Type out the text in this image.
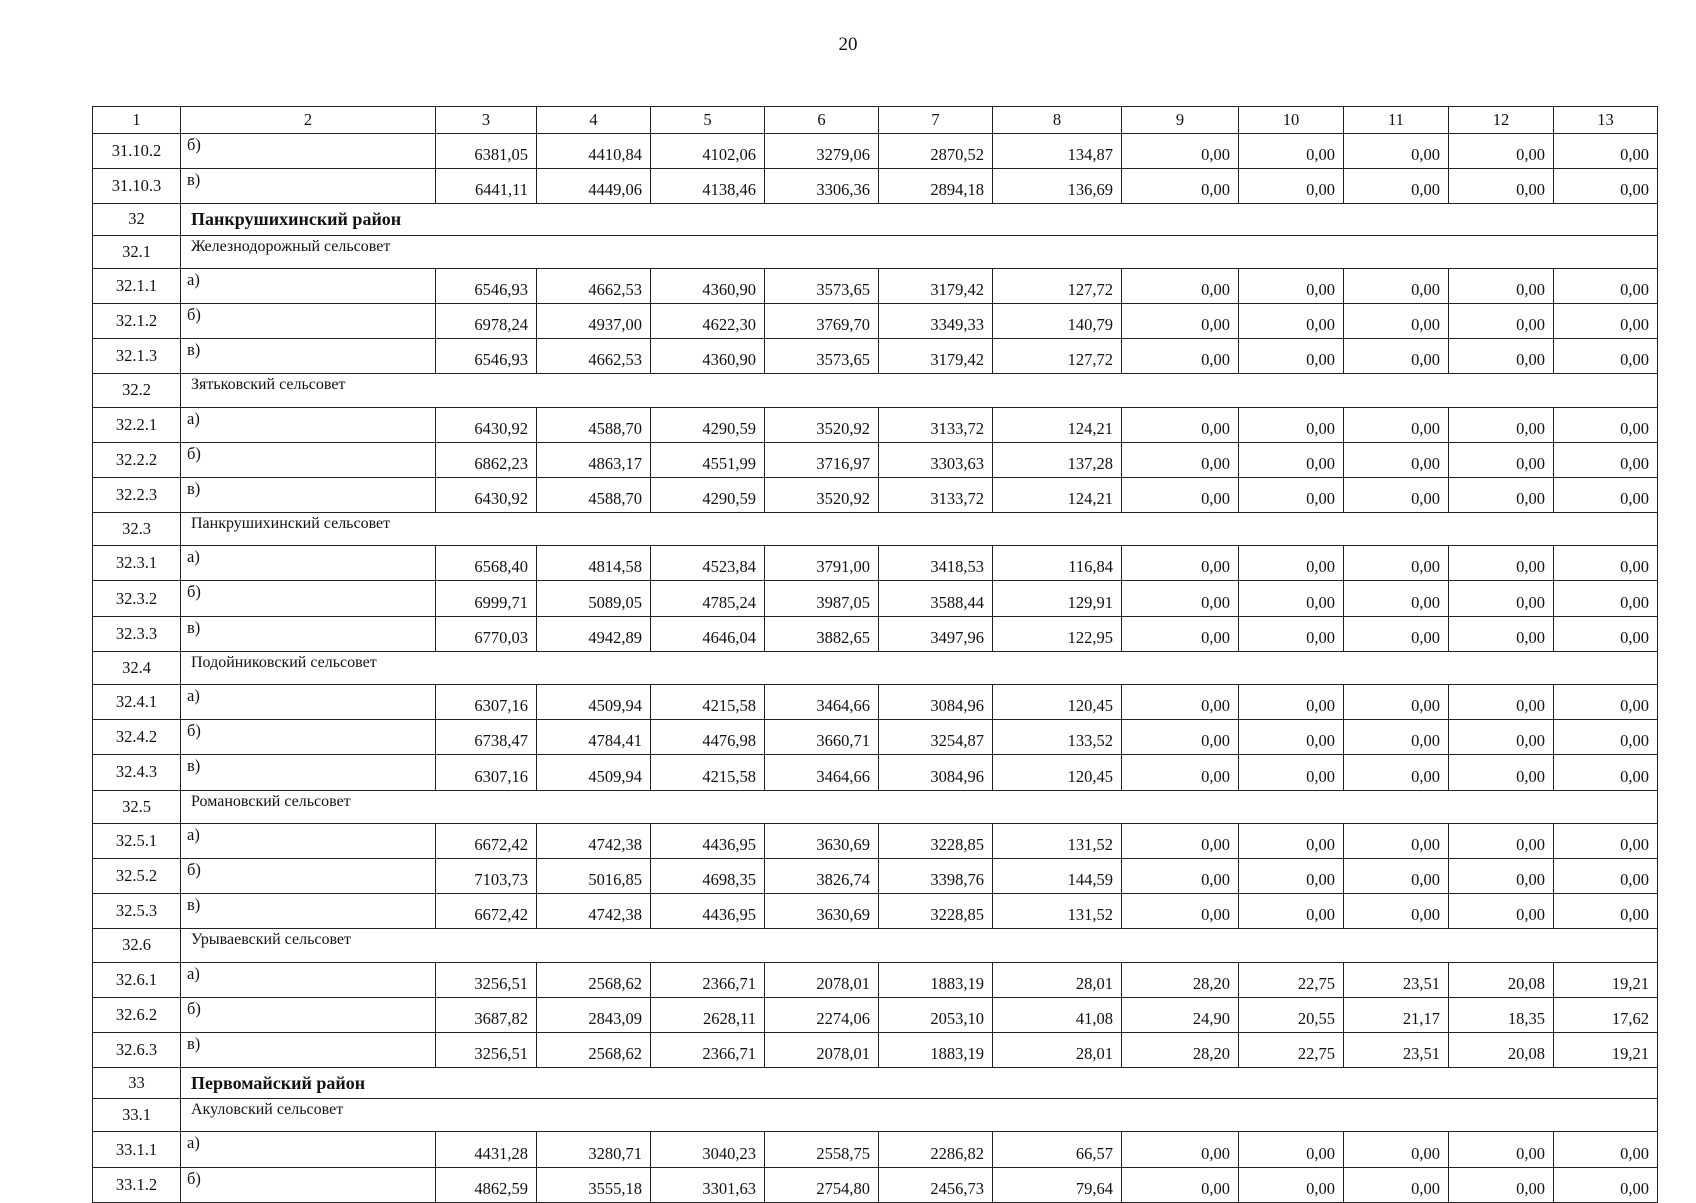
20
1	2	3	4	5	6	7	8	9	10	11	12	13
31.10.2	б)	6381,05	4410,84	4102,06	3279,06	2870,52	134,87	0,00	0,00	0,00	0,00	0,00
31.10.3	в)	6441,11	4449,06	4138,46	3306,36	2894,18	136,69	0,00	0,00	0,00	0,00	0,00
32	Панкрушихинский район											
32.1	Железнодорожный сельсовет											
32.1.1	а)	6546,93	4662,53	4360,90	3573,65	3179,42	127,72	0,00	0,00	0,00	0,00	0,00
32.1.2	б)	6978,24	4937,00	4622,30	3769,70	3349,33	140,79	0,00	0,00	0,00	0,00	0,00
32.1.3	в)	6546,93	4662,53	4360,90	3573,65	3179,42	127,72	0,00	0,00	0,00	0,00	0,00
32.2	Зятьковский сельсовет											
32.2.1	а)	6430,92	4588,70	4290,59	3520,92	3133,72	124,21	0,00	0,00	0,00	0,00	0,00
32.2.2	б)	6862,23	4863,17	4551,99	3716,97	3303,63	137,28	0,00	0,00	0,00	0,00	0,00
32.2.3	в)	6430,92	4588,70	4290,59	3520,92	3133,72	124,21	0,00	0,00	0,00	0,00	0,00
32.3	Панкрушихинский сельсовет											
32.3.1	а)	6568,40	4814,58	4523,84	3791,00	3418,53	116,84	0,00	0,00	0,00	0,00	0,00
32.3.2	б)	6999,71	5089,05	4785,24	3987,05	3588,44	129,91	0,00	0,00	0,00	0,00	0,00
32.3.3	в)	6770,03	4942,89	4646,04	3882,65	3497,96	122,95	0,00	0,00	0,00	0,00	0,00
32.4	Подойниковский сельсовет											
32.4.1	а)	6307,16	4509,94	4215,58	3464,66	3084,96	120,45	0,00	0,00	0,00	0,00	0,00
32.4.2	б)	6738,47	4784,41	4476,98	3660,71	3254,87	133,52	0,00	0,00	0,00	0,00	0,00
32.4.3	в)	6307,16	4509,94	4215,58	3464,66	3084,96	120,45	0,00	0,00	0,00	0,00	0,00
32.5	Романовский сельсовет											
32.5.1	а)	6672,42	4742,38	4436,95	3630,69	3228,85	131,52	0,00	0,00	0,00	0,00	0,00
32.5.2	б)	7103,73	5016,85	4698,35	3826,74	3398,76	144,59	0,00	0,00	0,00	0,00	0,00
32.5.3	в)	6672,42	4742,38	4436,95	3630,69	3228,85	131,52	0,00	0,00	0,00	0,00	0,00
32.6	Урываевский сельсовет											
32.6.1	а)	3256,51	2568,62	2366,71	2078,01	1883,19	28,01	28,20	22,75	23,51	20,08	19,21
32.6.2	б)	3687,82	2843,09	2628,11	2274,06	2053,10	41,08	24,90	20,55	21,17	18,35	17,62
32.6.3	в)	3256,51	2568,62	2366,71	2078,01	1883,19	28,01	28,20	22,75	23,51	20,08	19,21
33	Первомайский район											
33.1	Акуловский сельсовет											
33.1.1	а)	4431,28	3280,71	3040,23	2558,75	2286,82	66,57	0,00	0,00	0,00	0,00	0,00
33.1.2	б)	4862,59	3555,18	3301,63	2754,80	2456,73	79,64	0,00	0,00	0,00	0,00	0,00
